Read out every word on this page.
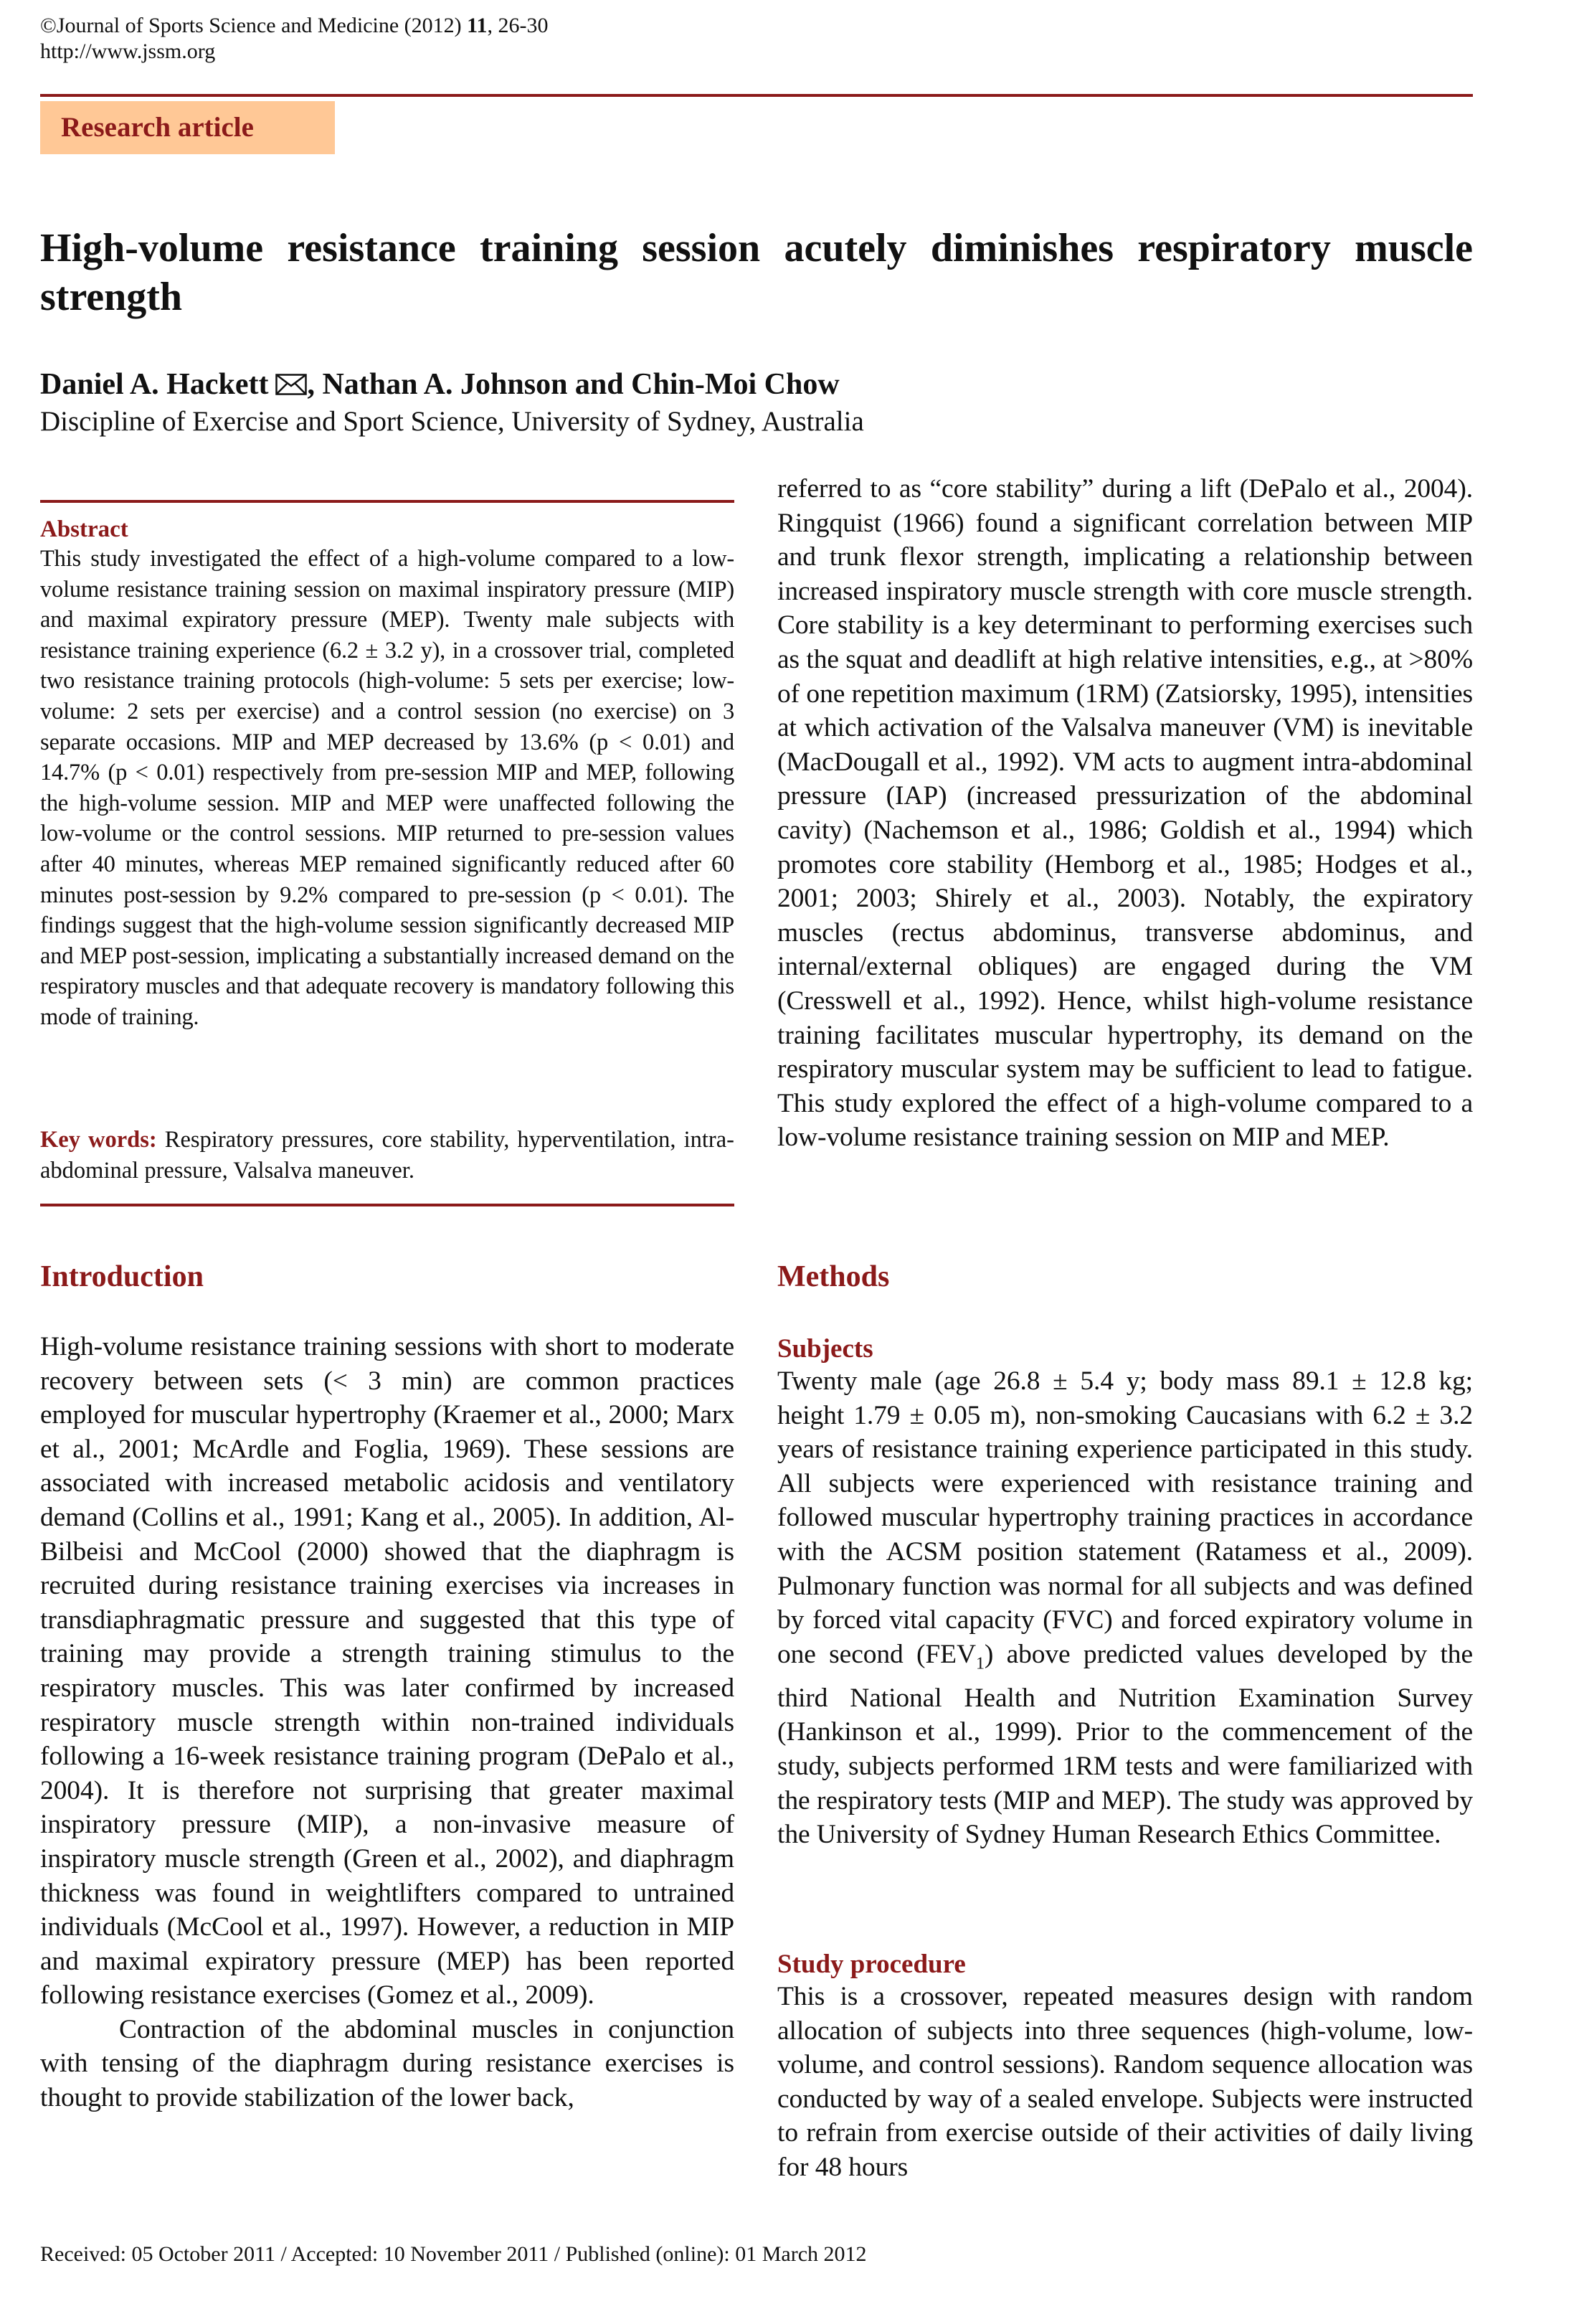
©Journal of Sports Science and Medicine (2012) 11, 26-30
http://www.jssm.org
Research article
High-volume resistance training session acutely diminishes respiratory muscle strength
Daniel A. Hackett , Nathan A. Johnson and Chin-Moi Chow
Discipline of Exercise and Sport Science, University of Sydney, Australia
Abstract
This study investigated the effect of a high-volume compared to a low-volume resistance training session on maximal inspiratory pressure (MIP) and maximal expiratory pressure (MEP). Twenty male subjects with resistance training experience (6.2 ± 3.2 y), in a crossover trial, completed two resistance training protocols (high-volume: 5 sets per exercise; low-volume: 2 sets per exercise) and a control session (no exercise) on 3 separate occasions. MIP and MEP decreased by 13.6% (p < 0.01) and 14.7% (p < 0.01) respectively from pre-session MIP and MEP, following the high-volume session. MIP and MEP were unaffected following the low-volume or the control sessions. MIP returned to pre-session values after 40 minutes, whereas MEP remained significantly reduced after 60 minutes post-session by 9.2% compared to pre-session (p < 0.01). The findings suggest that the high-volume session significantly decreased MIP and MEP post-session, implicating a substantially increased demand on the respiratory muscles and that adequate recovery is mandatory following this mode of training.
Key words: Respiratory pressures, core stability, hyperventilation, intra-abdominal pressure, Valsalva maneuver.
Introduction

High-volume resistance training sessions with short to moderate recovery between sets (< 3 min) are common practices employed for muscular hypertrophy (Kraemer et al., 2000; Marx et al., 2001; McArdle and Foglia, 1969). These sessions are associated with increased metabolic acidosis and ventilatory demand (Collins et al., 1991; Kang et al., 2005). In addition, Al-Bilbeisi and McCool (2000) showed that the diaphragm is recruited during resistance training exercises via increases in transdiaphragmatic pressure and suggested that this type of training may provide a strength training stimulus to the respiratory muscles. This was later confirmed by increased respiratory muscle strength within non-trained individuals following a 16-week resistance training program (DePalo et al., 2004). It is therefore not surprising that greater maximal inspiratory pressure (MIP), a non-invasive measure of inspiratory muscle strength (Green et al., 2002), and diaphragm thickness was found in weightlifters compared to untrained individuals (McCool et al., 1997). However, a reduction in MIP and maximal expiratory pressure (MEP) has been reported following resistance exercises (Gomez et al., 2009).

Contraction of the abdominal muscles in conjunction with tensing of the diaphragm during resistance exercises is thought to provide stabilization of the lower back,

referred to as “core stability” during a lift (DePalo et al., 2004). Ringquist (1966) found a significant correlation between MIP and trunk flexor strength, implicating a relationship between increased inspiratory muscle strength with core muscle strength. Core stability is a key determinant to performing exercises such as the squat and deadlift at high relative intensities, e.g., at >80% of one repetition maximum (1RM) (Zatsiorsky, 1995), intensities at which activation of the Valsalva maneuver (VM) is inevitable (MacDougall et al., 1992). VM acts to augment intra-abdominal pressure (IAP) (increased pressurization of the abdominal cavity) (Nachemson et al., 1986; Goldish et al., 1994) which promotes core stability (Hemborg et al., 1985; Hodges et al., 2001; 2003; Shirely et al., 2003). Notably, the expiratory muscles (rectus abdominus, transverse abdominus, and internal/external obliques) are engaged during the VM (Cresswell et al., 1992). Hence, whilst high-volume resistance training facilitates muscular hypertrophy, its demand on the respiratory muscular system may be sufficient to lead to fatigue. This study explored the effect of a high-volume compared to a low-volume resistance training session on MIP and MEP.

Methods
Subjects

Twenty male (age 26.8 ± 5.4 y; body mass 89.1 ± 12.8 kg; height 1.79 ± 0.05 m), non-smoking Caucasians with 6.2 ± 3.2 years of resistance training experience participated in this study. All subjects were experienced with resistance training and followed muscular hypertrophy training practices in accordance with the ACSM position statement (Ratamess et al., 2009). Pulmonary function was normal for all subjects and was defined by forced vital capacity (FVC) and forced expiratory volume in one second $(FEV_1)$ above predicted values developed by the third National Health and Nutrition Examination Survey (Hankinson et al., 1999). Prior to the commencement of the study, subjects performed 1RM tests and were familiarized with the respiratory tests (MIP and MEP). The study was approved by the University of Sydney Human Research Ethics Committee.

Study procedure
This is a crossover, repeated measures design with random allocation of subjects into three sequences (high-volume, low-volume, and control sessions). Random sequence allocation was conducted by way of a sealed envelope. Subjects were instructed to refrain from exercise outside of their activities of daily living for 48 hours
Received: 05 October 2011 / Accepted: 10 November 2011 / Published (online): 01 March 2012
